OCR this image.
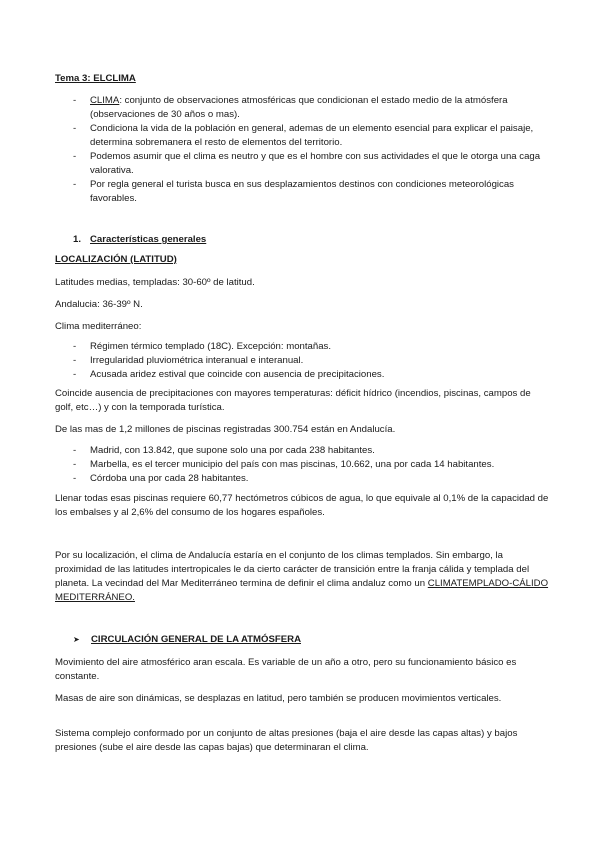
Tema 3: ELCLIMA

- CLIMA: conjunto de observaciones atmosféricas que condicionan el estado medio de la atmósfera (observaciones de 30 años o mas).
- Condiciona la vida de la población en general, ademas de un elemento esencial para explicar el paisaje, determina sobremanera el resto de elementos del territorio.
- Podemos asumir que el clima es neutro y que es el hombre con sus actividades el que le otorga una caga valorativa.
- Por regla general el turista busca en sus desplazamientos destinos con condiciones meteorológicas favorables.
1. Características generales

LOCALIZACIÓN (LATITUD)

Latitudes medias, templadas: 30-60º de latitud.

Andalucia: 36-39º N.

Clima mediterráneo:

- Régimen térmico templado (18C). Excepción: montañas.
- Irregularidad pluviométrica interanual e interanual.
- Acusada aridez estival que coincide con ausencia de precipitaciones.

Coincide ausencia de precipitaciones con mayores temperaturas: déficit hídrico (incendios, piscinas, campos de golf, etc…) y con la temporada turística.

De las mas de 1,2 millones de piscinas registradas 300.754 están en Andalucía.

- Madrid, con 13.842, que supone solo una por cada 238 habitantes.
- Marbella, es el tercer municipio del país con mas piscinas, 10.662, una por cada 14 habitantes.
- Córdoba una por cada 28 habitantes.

Llenar todas esas piscinas requiere 60,77 hectómetros cúbicos de agua, lo que equivale al 0,1% de la capacidad de los embalses y al 2,6% del consumo de los hogares españoles.

Por su localización, el clima de Andalucía estaría en el conjunto de los climas templados. Sin embargo, la proximidad de las latitudes intertropicales le da cierto carácter de transición entre la franja cálida y templada del planeta. La vecindad del Mar Mediterráneo termina de definir el clima andaluz como un CLIMATEMPLADO-CÁLIDO MEDITERRÁNEO.

➤ CIRCULACIÓN GENERAL DE LA ATMÓSFERA

Movimiento del aire atmosférico aran escala. Es variable de un año a otro, pero su funcionamiento básico es constante.

Masas de aire son dinámicas, se desplazas en latitud, pero también se producen movimientos verticales.

Sistema complejo conformado por un conjunto de altas presiones (baja el aire desde las capas altas) y bajos presiones (sube el aire desde las capas bajas) que determinaran el clima.
